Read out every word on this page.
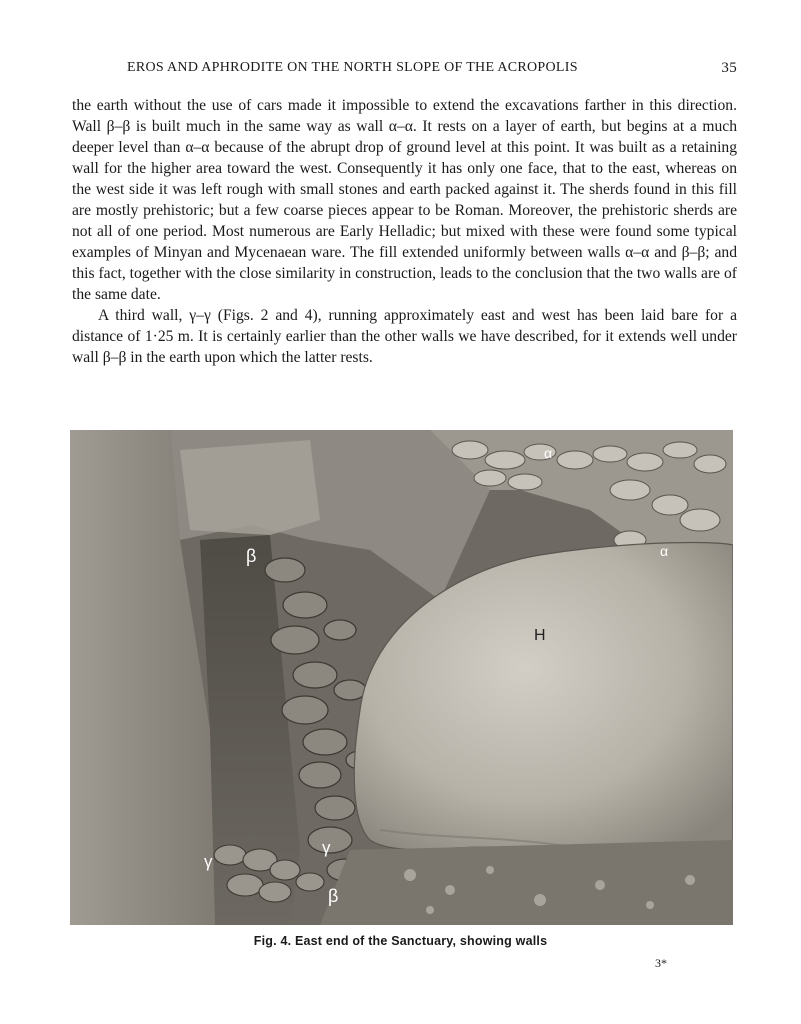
EROS AND APHRODITE ON THE NORTH SLOPE OF THE ACROPOLIS	35

the earth without the use of cars made it impossible to extend the excavations farther in this direction. Wall β–β is built much in the same way as wall α–α. It rests on a layer of earth, but begins at a much deeper level than α–α because of the abrupt drop of ground level at this point. It was built as a retaining wall for the higher area toward the west. Consequently it has only one face, that to the east, whereas on the west side it was left rough with small stones and earth packed against it. The sherds found in this fill are mostly prehistoric; but a few coarse pieces appear to be Roman. Moreover, the prehistoric sherds are not all of one period. Most numerous are Early Helladic; but mixed with these were found some typical examples of Minyan and Mycenaean ware. The fill extended uniformly between walls α–α and β–β; and this fact, together with the close similarity in construction, leads to the conclusion that the two walls are of the same date.

A third wall, γ–γ (Figs. 2 and 4), running approximately east and west has been laid bare for a distance of 1·25 m. It is certainly earlier than the other walls we have described, for it extends well under wall β–β in the earth upon which the latter rests.

α
α
β
β
γ
γ
H
Fig. 4. East end of the Sanctuary, showing walls
3*
